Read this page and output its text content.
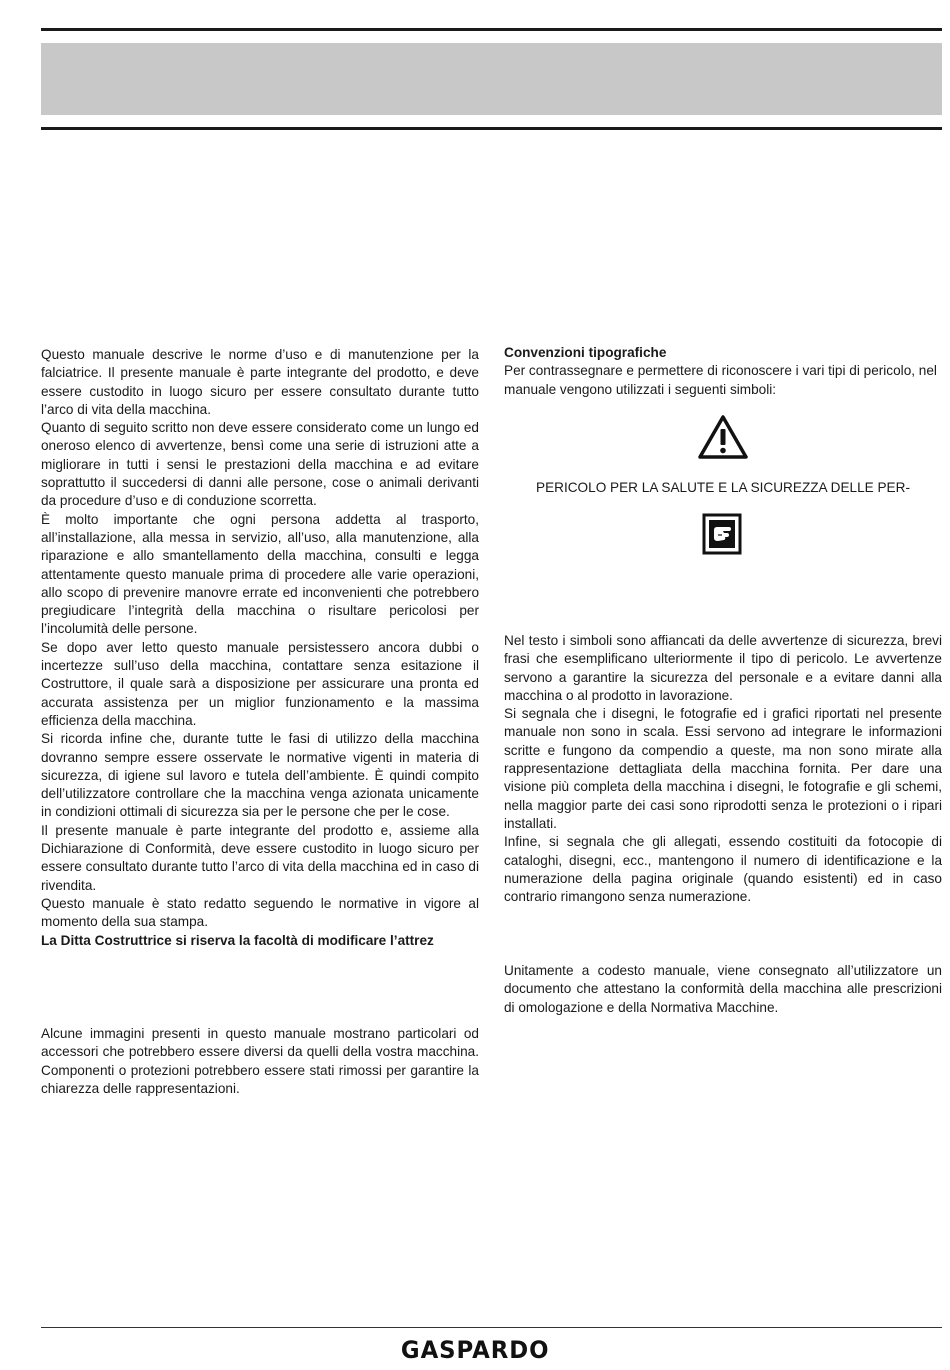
Questo manuale descrive le norme d’uso e di manutenzione per la falciatrice. Il presente manuale è parte integrante del prodotto, e deve essere custodito in luogo sicuro per essere consultato durante tutto l’arco di vita della macchina.

Quanto di seguito scritto non deve essere considerato come un lungo ed oneroso elenco di avvertenze, bensì come una serie di istruzioni atte a migliorare in tutti i sensi le prestazioni della macchina e ad evitare soprattutto il succedersi di danni alle persone, cose o animali derivanti da procedure d’uso e di conduzione scorretta.

È molto importante che ogni persona addetta al trasporto, all’installazione, alla messa in servizio, all’uso, alla manutenzione, alla riparazione e allo smantellamento della macchina, consulti e legga attentamente questo manuale prima di procedere alle varie operazioni, allo scopo di prevenire manovre errate ed inconvenienti che potrebbero pregiudicare l’integrità della macchina o risultare pericolosi per l’incolumità delle persone.

Se dopo aver letto questo manuale persistessero ancora dubbi o incertezze sull’uso della macchina, contattare senza esitazione il Costruttore, il quale sarà a disposizione per assicurare una pronta ed accurata assistenza per un miglior funzionamento e la massima efficienza della macchina.

Si ricorda infine che, durante tutte le fasi di utilizzo della macchina dovranno sempre essere osservate le normative vigenti in materia di sicurezza, di igiene sul lavoro e tutela dell’ambiente. È quindi compito dell’utilizzatore controllare che la macchina venga azionata unicamente in condizioni ottimali di sicurezza sia per le persone che per le cose.

Il presente manuale è parte integrante del prodotto e, assieme alla Dichiarazione di Conformità, deve essere custodito in luogo sicuro per essere consultato durante tutto l’arco di vita della macchina ed in caso di rivendita.

Questo manuale è stato redatto seguendo le normative in vigore al momento della sua stampa.

La Ditta Costruttrice si riserva la facoltà di modificare l’attrez

Alcune immagini presenti in questo manuale mostrano particolari od accessori che potrebbero essere diversi da quelli della vostra macchina. Componenti o protezioni potrebbero essere stati rimossi per garantire la chiarezza delle rappresentazioni.

Convenzioni tipografiche

Per contrassegnare e permettere di riconoscere i vari tipi di pericolo, nel manuale vengono utilizzati i seguenti simboli:

PERICOLO PER LA SALUTE E LA SICUREZZA DELLE PER-

Nel testo i simboli sono affiancati da delle avvertenze di sicurezza, brevi frasi che esemplificano ulteriormente il tipo di pericolo. Le avvertenze servono a garantire la sicurezza del personale e a evitare danni alla macchina o al prodotto in lavorazione.

Si segnala che i disegni, le fotografie ed i grafici riportati nel presente manuale non sono in scala. Essi servono ad integrare le informazioni scritte e fungono da compendio a queste, ma non sono mirate alla rappresentazione dettagliata della macchina fornita. Per dare una visione più completa della macchina i disegni, le fotografie e gli schemi, nella maggior parte dei casi sono riprodotti senza le protezioni o i ripari installati.

Infine, si segnala che gli allegati, essendo costituiti da fotocopie di cataloghi, disegni, ecc., mantengono il numero di identificazione e la numerazione della pagina originale (quando esistenti) ed in caso contrario rimangono senza numerazione.

Unitamente a codesto manuale, viene consegnato all’utilizzatore un documento che attestano la conformità della macchina alle prescrizioni di omologazione e della Normativa Macchine.

GASPARDO
